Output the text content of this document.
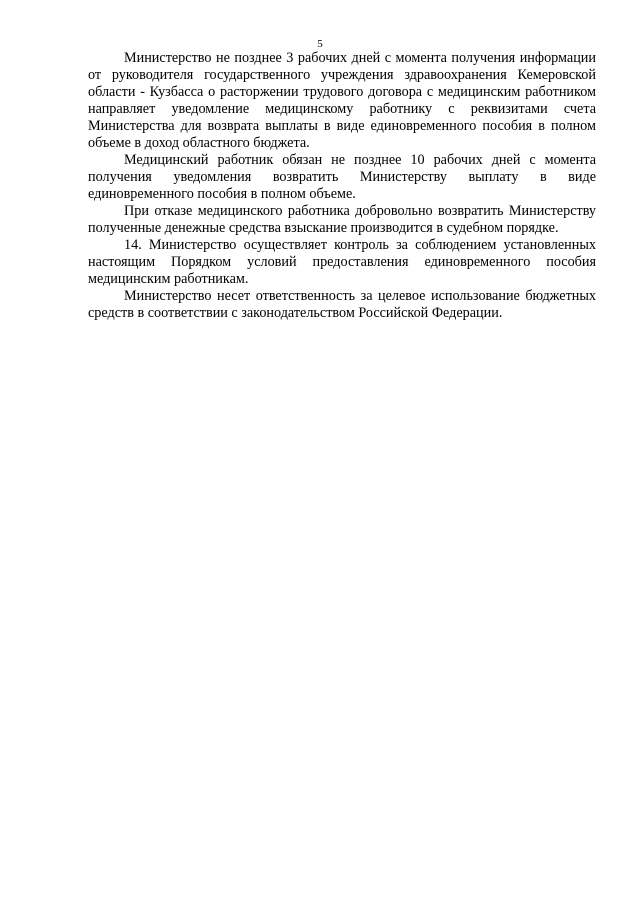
5

Министерство не позднее 3 рабочих дней с момента получения информации от руководителя государственного учреждения здравоохранения Кемеровской области - Кузбасса о расторжении трудового договора с медицинским работником направляет уведомление медицинскому работнику с реквизитами счета Министерства для возврата выплаты в виде единовременного пособия в полном объеме в доход областного бюджета.

Медицинский работник обязан не позднее 10 рабочих дней с момента получения уведомления возвратить Министерству выплату в виде единовременного пособия в полном объеме.

При отказе медицинского работника добровольно возвратить Министерству полученные денежные средства взыскание производится в судебном порядке.

14. Министерство осуществляет контроль за соблюдением установленных настоящим Порядком условий предоставления единовременного пособия медицинским работникам.

Министерство несет ответственность за целевое использование бюджетных средств в соответствии с законодательством Российской Федерации.
